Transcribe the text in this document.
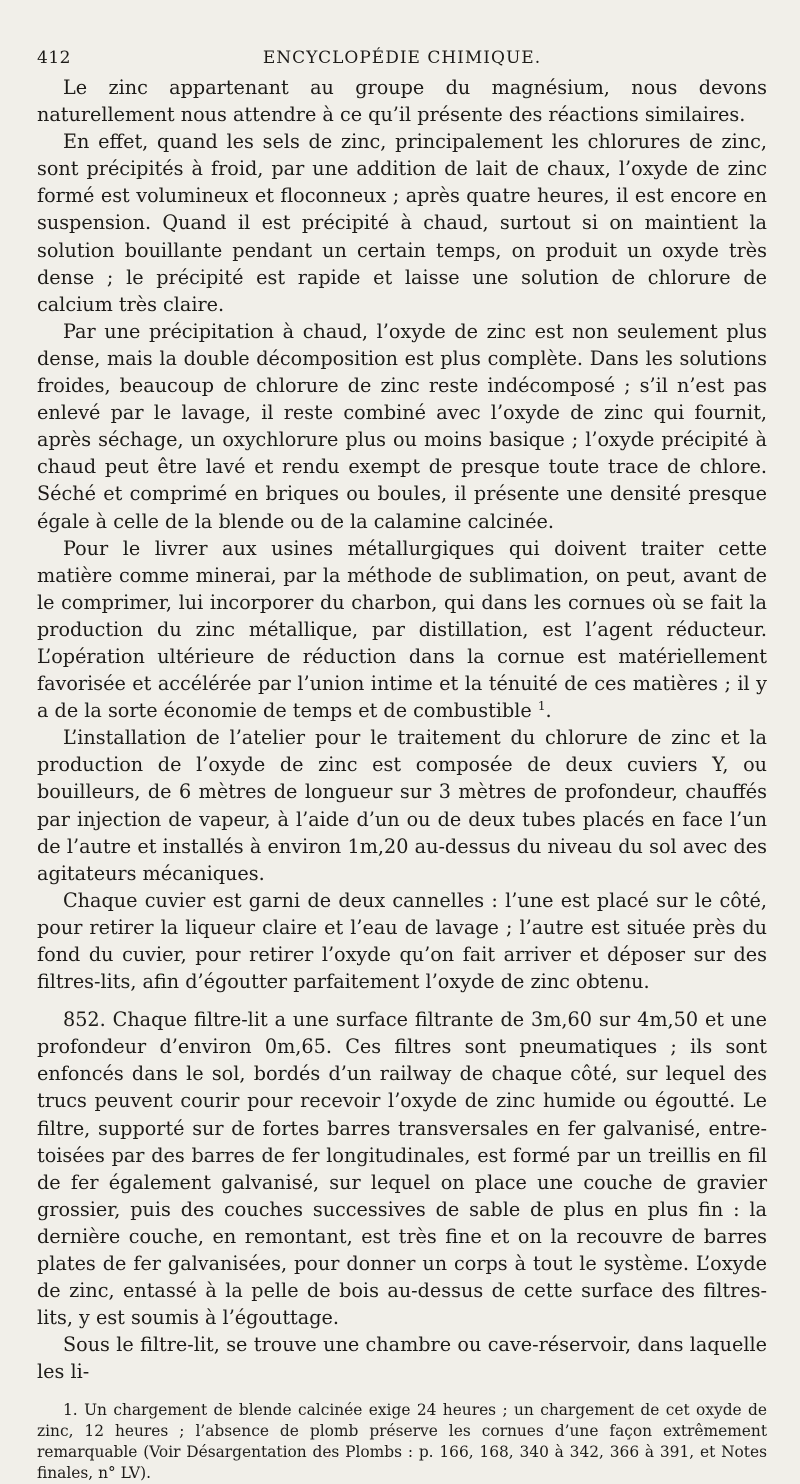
412	ENCYCLOPÉDIE CHIMIQUE.

Le zinc appartenant au groupe du magnésium, nous devons naturellement nous attendre à ce qu’il présente des réactions similaires.

En effet, quand les sels de zinc, principalement les chlorures de zinc, sont précipités à froid, par une addition de lait de chaux, l’oxyde de zinc formé est volumineux et floconneux ; après quatre heures, il est encore en suspension. Quand il est précipité à chaud, surtout si on maintient la solution bouillante pendant un certain temps, on produit un oxyde très dense ; le précipité est rapide et laisse une solution de chlorure de calcium très claire.

Par une précipitation à chaud, l’oxyde de zinc est non seulement plus dense, mais la double décomposition est plus complète. Dans les solutions froides, beaucoup de chlorure de zinc reste indécomposé ; s’il n’est pas enlevé par le lavage, il reste combiné avec l’oxyde de zinc qui fournit, après séchage, un oxychlorure plus ou moins basique ; l’oxyde précipité à chaud peut être lavé et rendu exempt de presque toute trace de chlore. Séché et comprimé en briques ou boules, il présente une densité presque égale à celle de la blende ou de la calamine calcinée.

Pour le livrer aux usines métallurgiques qui doivent traiter cette matière comme minerai, par la méthode de sublimation, on peut, avant de le comprimer, lui incorporer du charbon, qui dans les cornues où se fait la production du zinc métallique, par distillation, est l’agent réducteur. L’opération ultérieure de réduction dans la cornue est matériellement favorisée et accélérée par l’union intime et la ténuité de ces matières ; il y a de la sorte économie de temps et de combustible $^1$.

L’installation de l’atelier pour le traitement du chlorure de zinc et la production de l’oxyde de zinc est composée de deux cuviers Y, ou bouilleurs, de 6 mètres de longueur sur 3 mètres de profondeur, chauffés par injection de vapeur, à l’aide d’un ou de deux tubes placés en face l’un de l’autre et installés à environ 1m,20 au-dessus du niveau du sol avec des agitateurs mécaniques.

Chaque cuvier est garni de deux cannelles : l’une est placé sur le côté, pour retirer la liqueur claire et l’eau de lavage ; l’autre est située près du fond du cuvier, pour retirer l’oxyde qu’on fait arriver et déposer sur des filtres-lits, afin d’égoutter parfaitement l’oxyde de zinc obtenu.

852. Chaque filtre-lit a une surface filtrante de 3m,60 sur 4m,50 et une profondeur d’environ 0m,65. Ces filtres sont pneumatiques ; ils sont enfoncés dans le sol, bordés d’un railway de chaque côté, sur lequel des trucs peuvent courir pour recevoir l’oxyde de zinc humide ou égoutté. Le filtre, supporté sur de fortes barres transversales en fer galvanisé, entre-toisées par des barres de fer longitudinales, est formé par un treillis en fil de fer également galvanisé, sur lequel on place une couche de gravier grossier, puis des couches successives de sable de plus en plus fin : la dernière couche, en remontant, est très fine et on la recouvre de barres plates de fer galvanisées, pour donner un corps à tout le système. L’oxyde de zinc, entassé à la pelle de bois au-dessus de cette surface des filtres-lits, y est soumis à l’égouttage.

Sous le filtre-lit, se trouve une chambre ou cave-réservoir, dans laquelle les li-

1. Un chargement de blende calcinée exige 24 heures ; un chargement de cet oxyde de zinc, 12 heures ; l’absence de plomb préserve les cornues d’une façon extrêmement remarquable (Voir Désargentation des Plombs : p. 166, 168, 340 à 342, 366 à 391, et Notes finales, n° LV).
